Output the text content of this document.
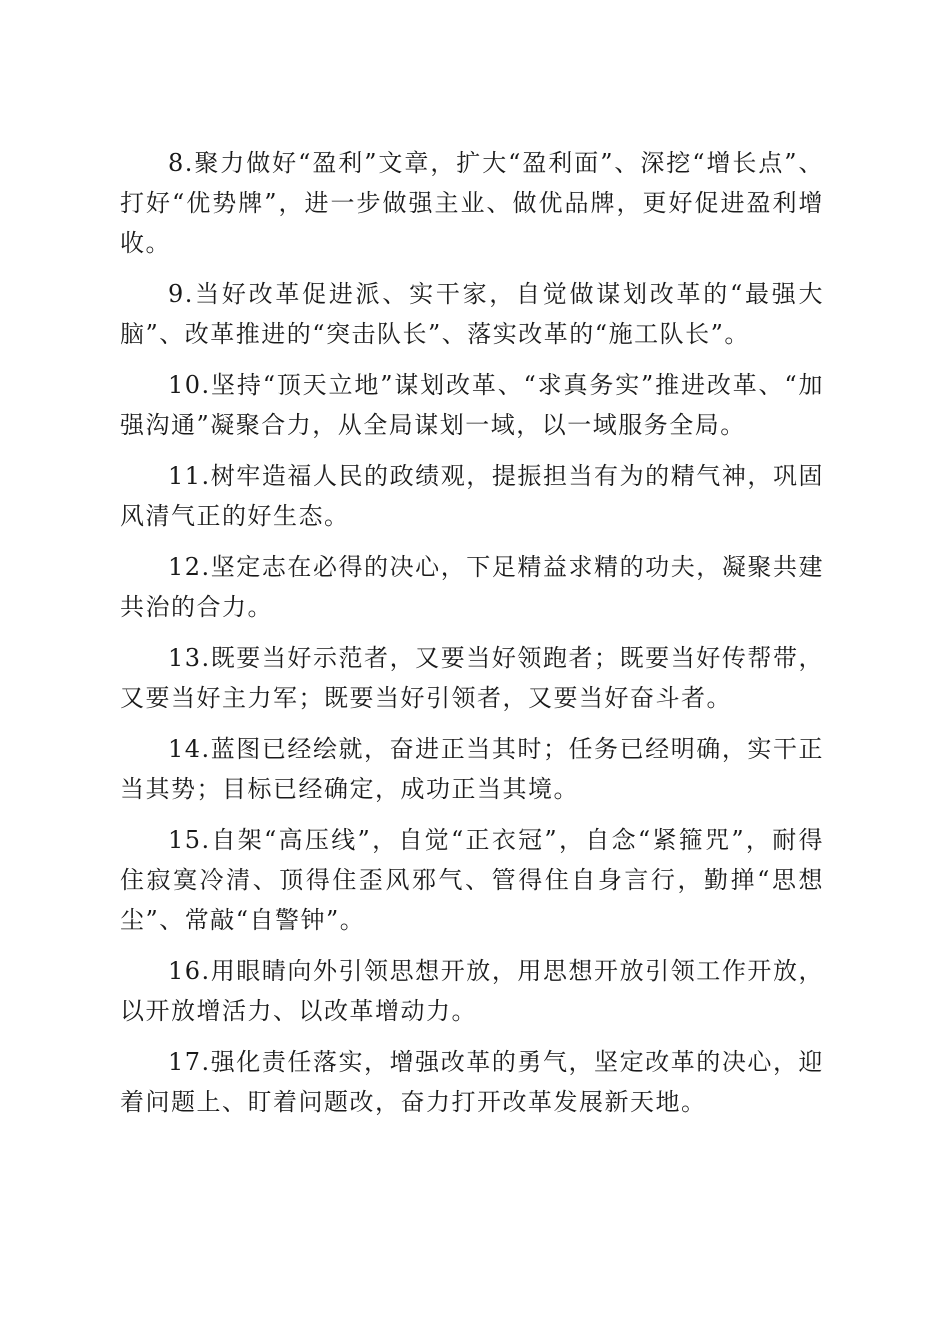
8.聚力做好“盈利”文章，扩大“盈利面”、深挖“增长点”、打好“优势牌”，进一步做强主业、做优品牌，更好促进盈利增收。

9.当好改革促进派、实干家，自觉做谋划改革的“最强大脑”、改革推进的“突击队长”、落实改革的“施工队长”。

10.坚持“顶天立地”谋划改革、“求真务实”推进改革、“加强沟通”凝聚合力，从全局谋划一域，以一域服务全局。

11.树牢造福人民的政绩观，提振担当有为的精气神，巩固风清气正的好生态。

12.坚定志在必得的决心，下足精益求精的功夫，凝聚共建共治的合力。

13.既要当好示范者，又要当好领跑者；既要当好传帮带，又要当好主力军；既要当好引领者，又要当好奋斗者。

14.蓝图已经绘就，奋进正当其时；任务已经明确，实干正当其势；目标已经确定，成功正当其境。

15.自架“高压线”，自觉“正衣冠”，自念“紧箍咒”，耐得住寂寞冷清、顶得住歪风邪气、管得住自身言行，勤掸“思想尘”、常敲“自警钟”。

16.用眼睛向外引领思想开放，用思想开放引领工作开放，以开放增活力、以改革增动力。

17.强化责任落实，增强改革的勇气，坚定改革的决心，迎着问题上、盯着问题改，奋力打开改革发展新天地。
